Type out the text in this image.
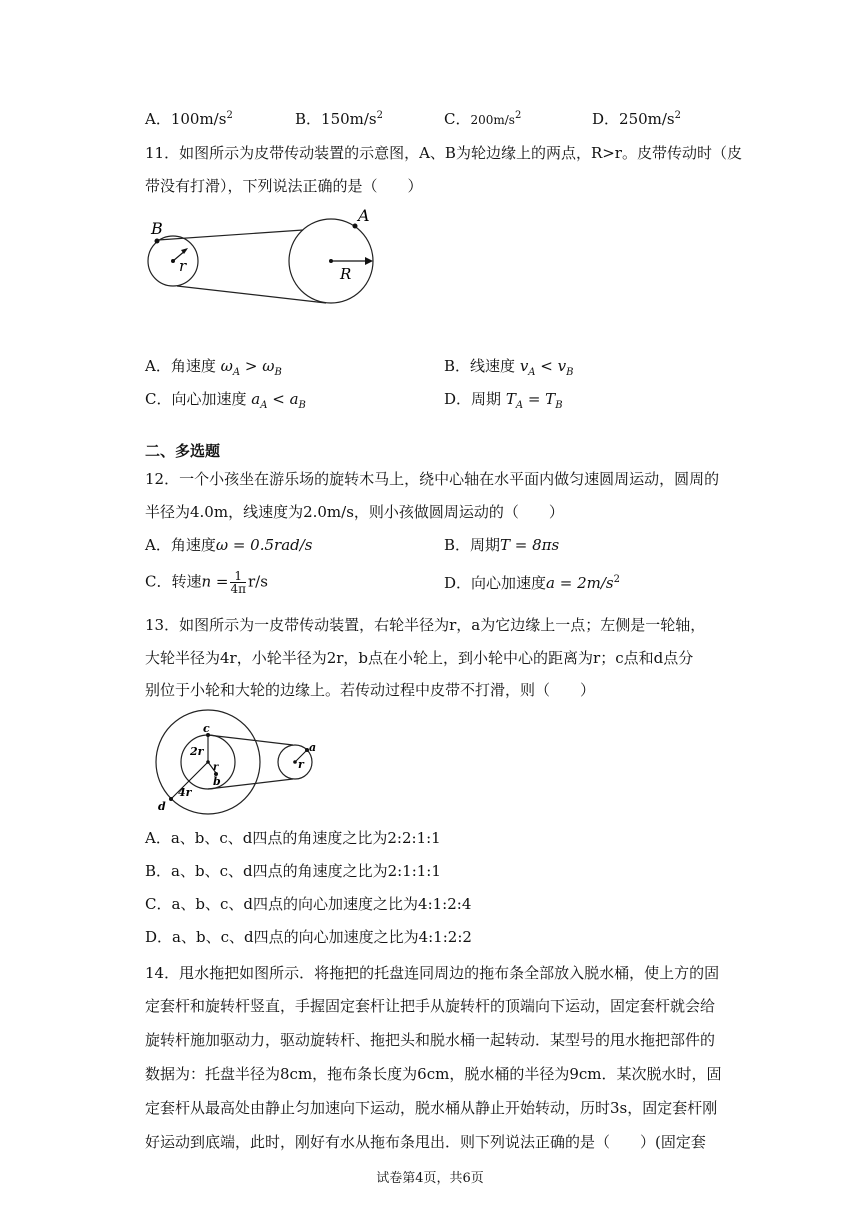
A．$100m/s^2$	B．$150m/s^2$	C．$200m/s^2$	D．$250m/s^2$
11．如图所示为皮带传动装置的示意图，A、B为轮边缘上的两点，R>r。皮带传动时（皮
带没有打滑），下列说法正确的是（　　）
B
A
r	R
A．角速度 $\omega_A > \omega_B$	B．线速度 $v_A < v_B$
C．向心加速度 $a_A < a_B$	D．周期 $T_A = T_B$
二、多选题
12．一个小孩坐在游乐场的旋转木马上，绕中心轴在水平面内做匀速圆周运动，圆周的
半径为4.0m，线速度为2.0m/s，则小孩做圆周运动的（　　）
A．角速度ω = 0.5rad/s	B．周期T = 8πs
C．转速$n = \frac{1}{4\pi} r/s$	D．向心加速度$a = 2m/s^2$
13．如图所示为一皮带传动装置，右轮半径为r，a为它边缘上一点；左侧是一轮轴，
大轮半径为4r，小轮半径为2r，b点在小轮上，到小轮中心的距离为r；c点和d点分
别位于小轮和大轮的边缘上。若传动过程中皮带不打滑，则（　　）
c
2r
r
b
4r
d
a
r
A．a、b、c、d四点的角速度之比为2:2:1:1
B．a、b、c、d四点的角速度之比为2:1:1:1
C．a、b、c、d四点的向心加速度之比为4:1:2:4
D．a、b、c、d四点的向心加速度之比为4:1:2:2
14．甩水拖把如图所示．将拖把的托盘连同周边的拖布条全部放入脱水桶，使上方的固
定套杆和旋转杆竖直，手握固定套杆让把手从旋转杆的顶端向下运动，固定套杆就会给
旋转杆施加驱动力，驱动旋转杆、拖把头和脱水桶一起转动．某型号的甩水拖把部件的
数据为：托盘半径为8cm，拖布条长度为6cm，脱水桶的半径为9cm．某次脱水时，固
定套杆从最高处由静止匀加速向下运动，脱水桶从静止开始转动，历时3s，固定套杆刚
好运动到底端，此时，刚好有水从拖布条甩出．则下列说法正确的是（　　）(固定套
试卷第4页，共6页
